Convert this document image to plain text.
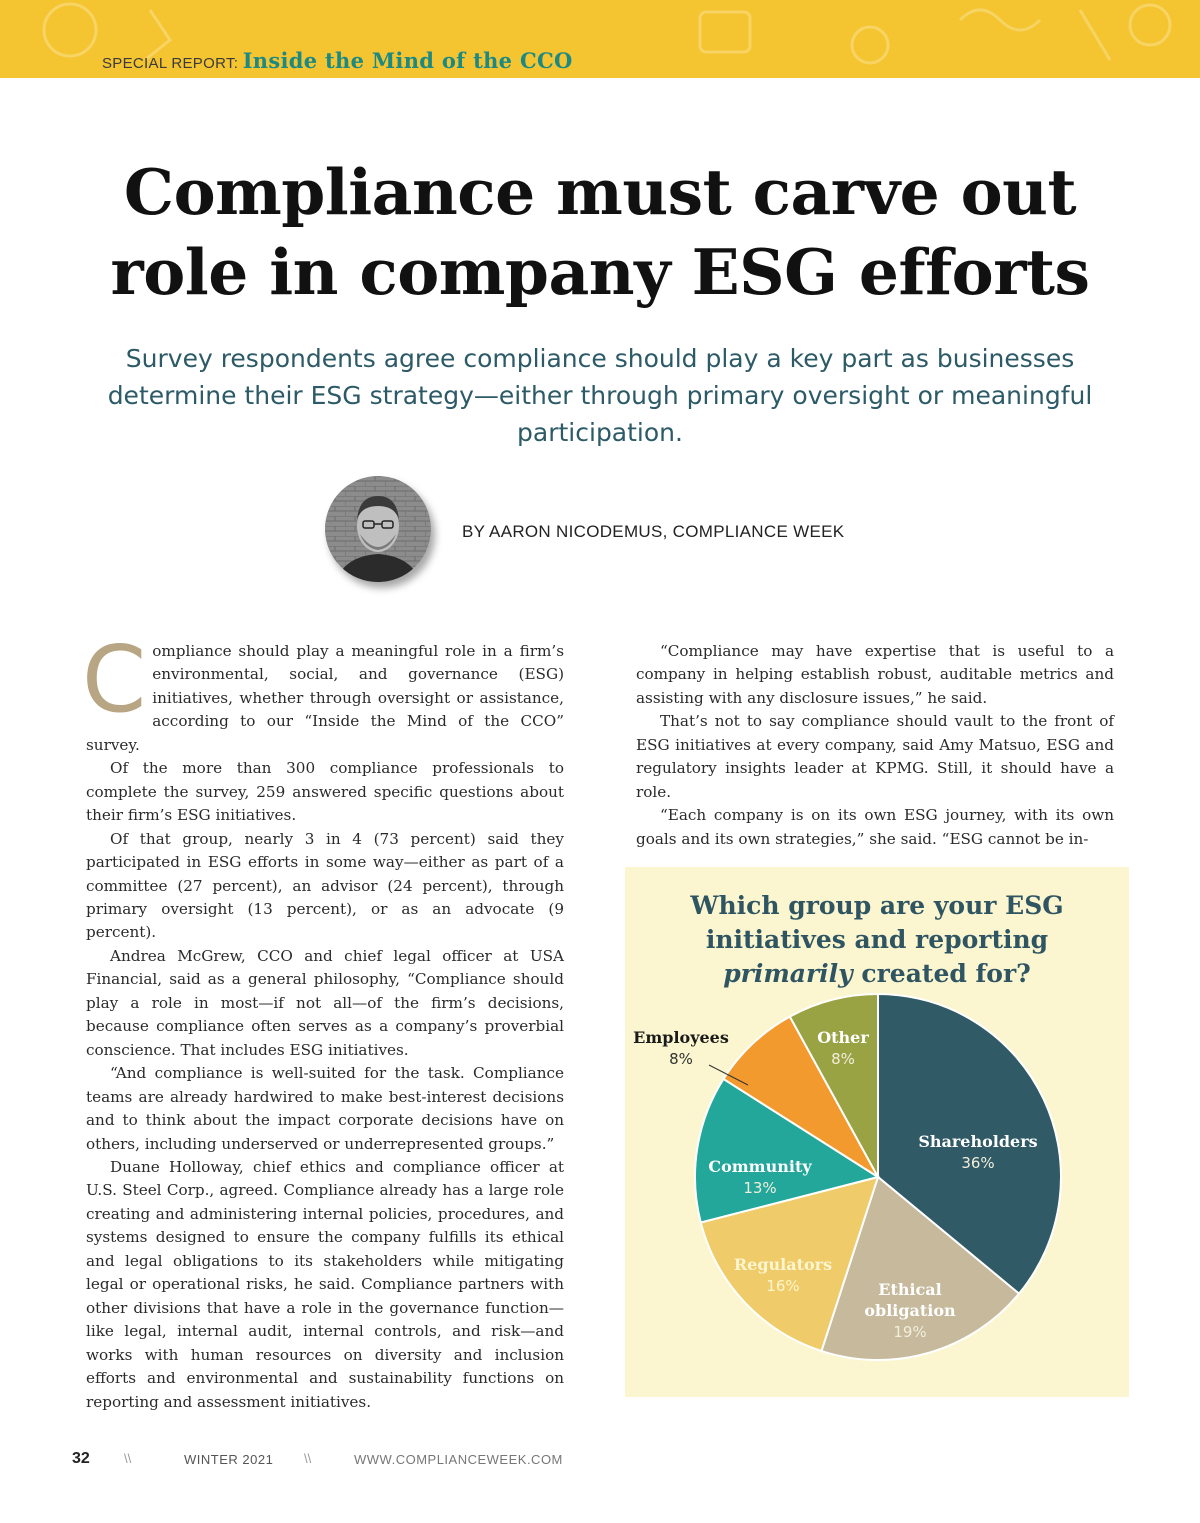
SPECIAL REPORT: Inside the Mind of the CCO
Compliance must carve out
role in company ESG efforts

Survey respondents agree compliance should play a key part as businesses determine their ESG strategy—either through primary oversight or meaningful participation.

BY AARON NICODEMUS, COMPLIANCE WEEK
C ompliance should play a meaningful role in a firm’s environmental, social, and governance (ESG) initiatives, whether through oversight or assistance, according to our “Inside the Mind of the CCO” survey.

Of the more than 300 compliance professionals to complete the survey, 259 answered specific questions about their firm’s ESG initiatives.

Of that group, nearly 3 in 4 (73 percent) said they participated in ESG efforts in some way—either as part of a committee (27 percent), an advisor (24 percent), through primary oversight (13 percent), or as an advocate (9 percent).

Andrea McGrew, CCO and chief legal officer at USA Financial, said as a general philosophy, “Compliance should play a role in most—if not all—of the firm’s decisions, because compliance often serves as a company’s proverbial conscience. That includes ESG initiatives.

“And compliance is well-suited for the task. Compliance teams are already hardwired to make best-interest decisions and to think about the impact corporate decisions have on others, including underserved or underrepresented groups.”

Duane Holloway, chief ethics and compliance officer at U.S. Steel Corp., agreed. Compliance already has a large role creating and administering internal policies, procedures, and systems designed to ensure the company fulfills its ethical and legal obligations to its stakeholders while mitigating legal or operational risks, he said. Compliance partners with other divisions that have a role in the governance function—like legal, internal audit, internal controls, and risk—and works with human resources on diversity and inclusion efforts and environmental and sustainability functions on reporting and assessment initiatives.

“Compliance may have expertise that is useful to a company in helping establish robust, auditable metrics and assisting with any disclosure issues,” he said.

That’s not to say compliance should vault to the front of ESG initiatives at every company, said Amy Matsuo, ESG and regulatory insights leader at KPMG. Still, it should have a role.

“Each company is on its own ESG journey, with its own goals and its own strategies,” she said. “ESG cannot be in-

Which group are your ESG
initiatives and reporting
primarily created for?
Shareholders
36%
Ethical
obligation
19%
Regulators
16%
Community
13%
Employees
8%
Other
8%
32	\\	WINTER 2021 \\	WWW.COMPLIANCEWEEK.COM
